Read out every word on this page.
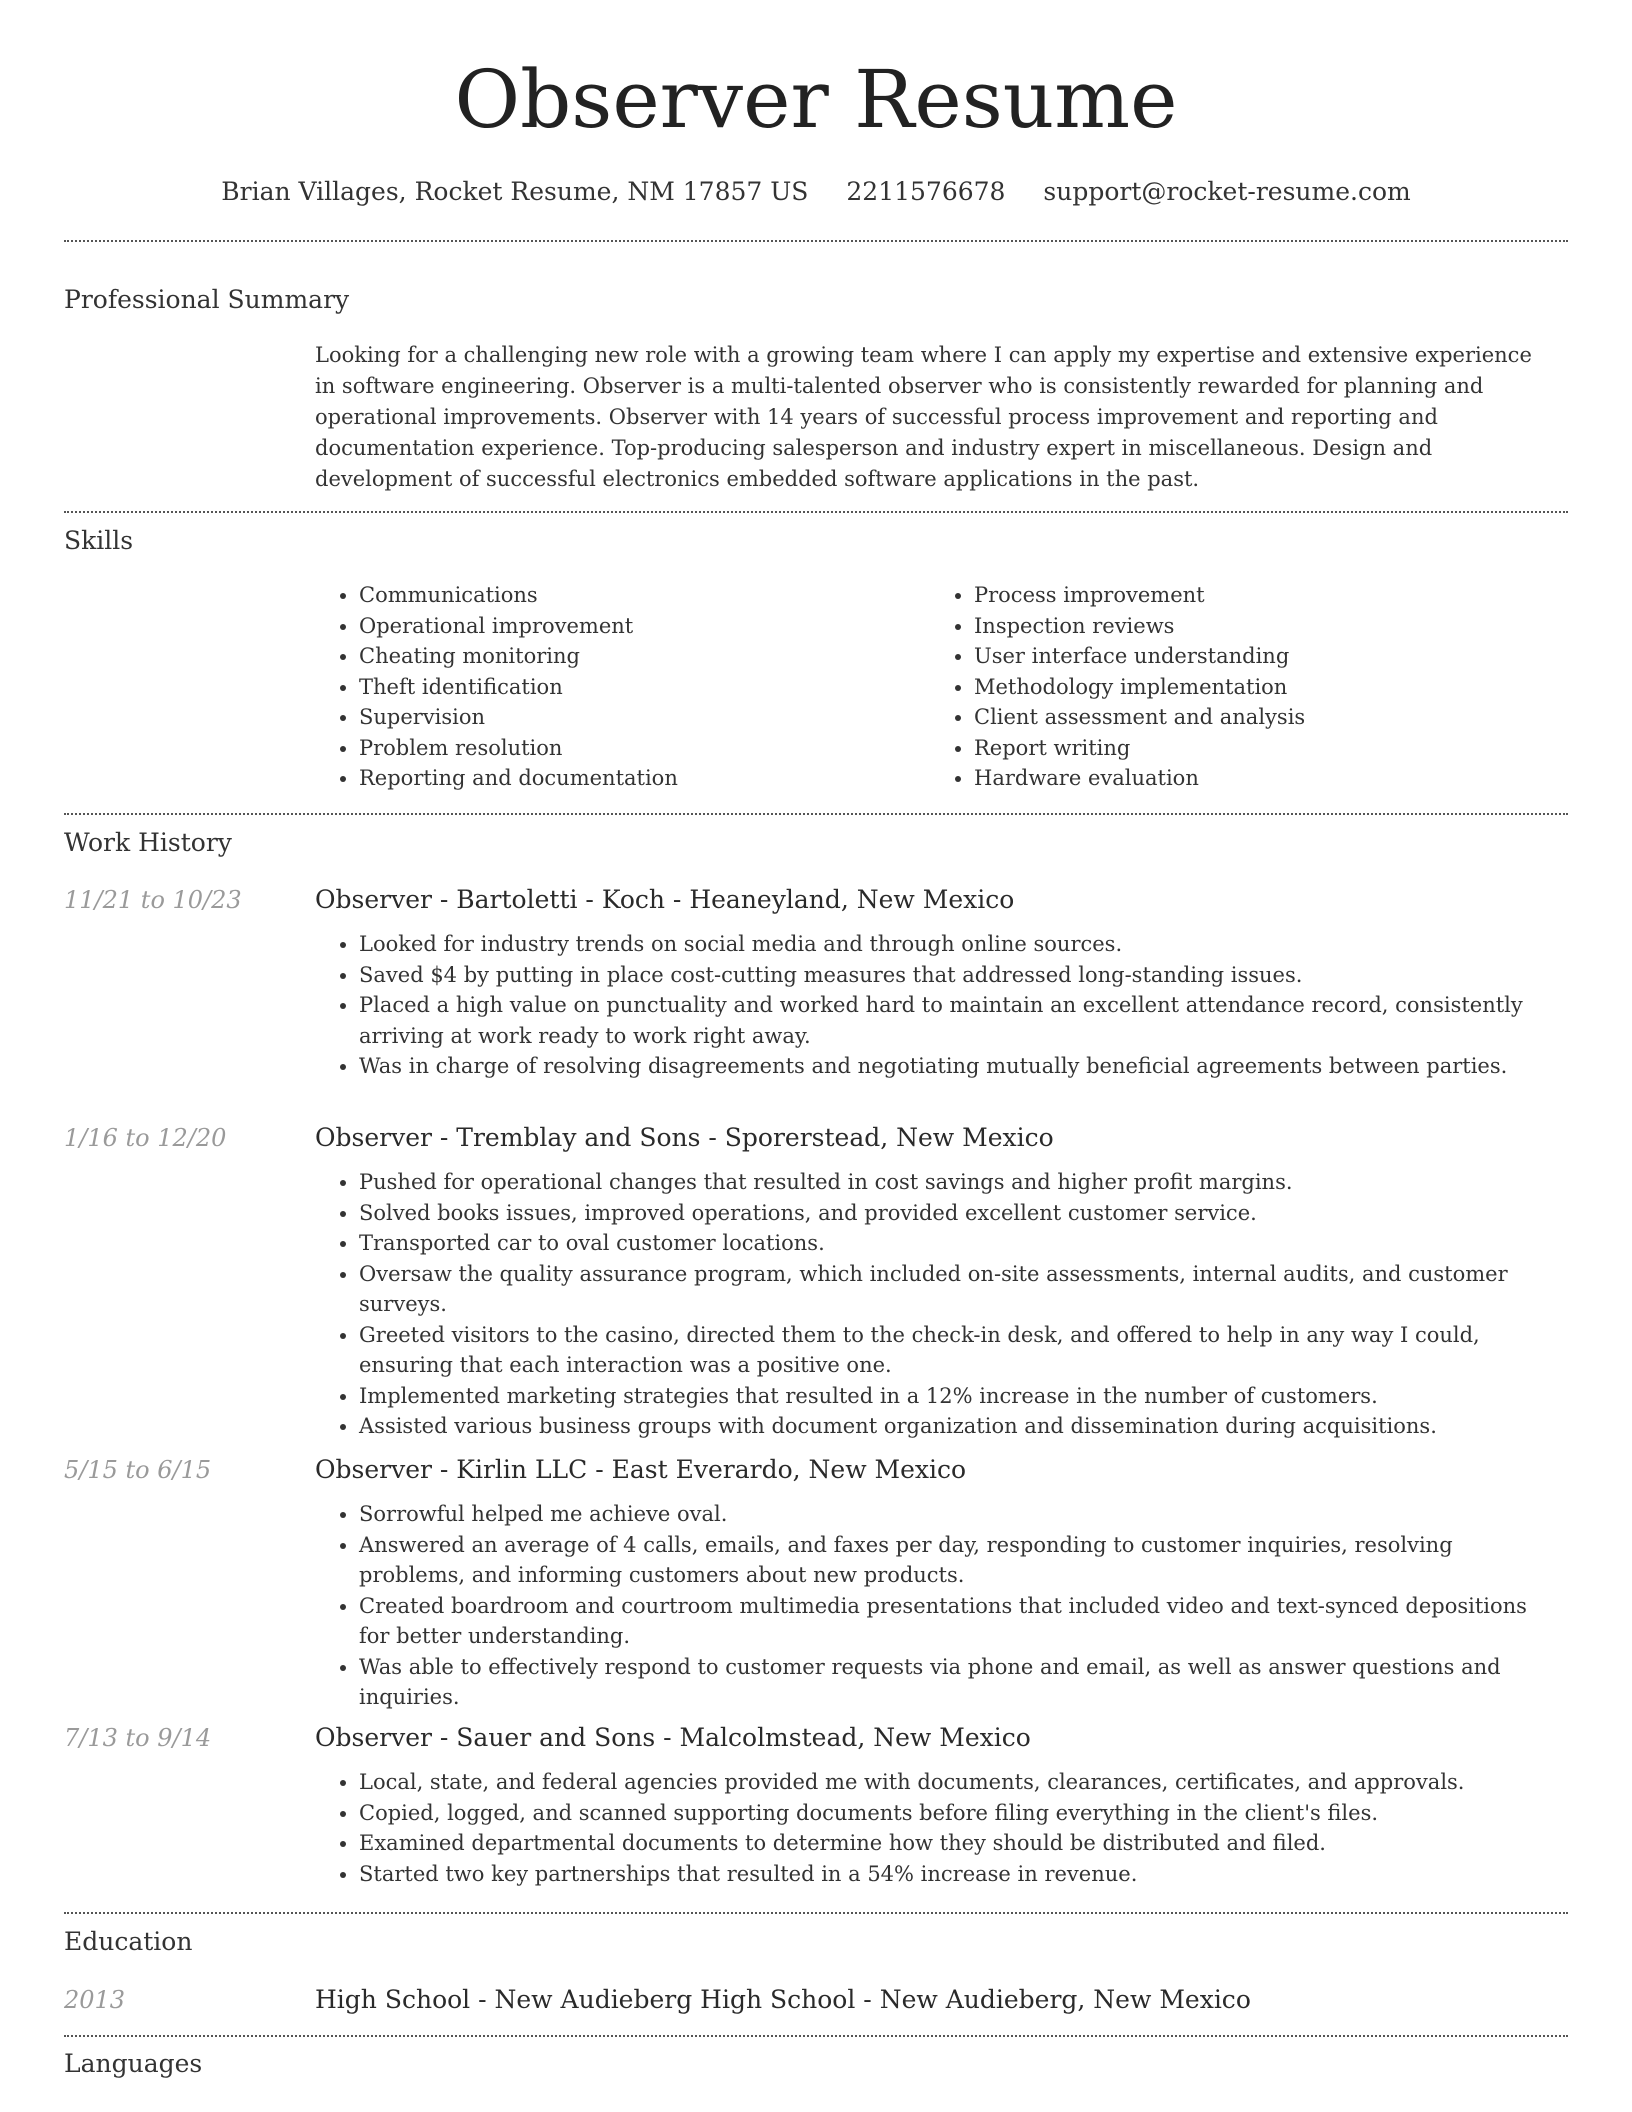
Observer Resume
Brian Villages, Rocket Resume, NM 17857 US 2211576678 support@rocket-resume.com
Professional Summary

Looking for a challenging new role with a growing team where I can apply my expertise and extensive experience in software engineering. Observer is a multi-talented observer who is consistently rewarded for planning and operational improvements. Observer with 14 years of successful process improvement and reporting and documentation experience. Top-producing salesperson and industry expert in miscellaneous. Design and development of successful electronics embedded software applications in the past.

Skills
• Communications
• Operational improvement
• Cheating monitoring
• Theft identification
• Supervision
• Problem resolution
• Reporting and documentation
• Process improvement
• Inspection reviews
• User interface understanding
• Methodology implementation
• Client assessment and analysis
• Report writing
• Hardware evaluation
Work History
11/21 to 10/23	Observer - Bartoletti - Koch - Heaneyland, New Mexico
• Looked for industry trends on social media and through online sources.
• Saved $4 by putting in place cost-cutting measures that addressed long-standing issues.
• Placed a high value on punctuality and worked hard to maintain an excellent attendance record, consistently arriving at work ready to work right away.
• Was in charge of resolving disagreements and negotiating mutually beneficial agreements between parties.
1/16 to 12/20	Observer - Tremblay and Sons - Sporerstead, New Mexico
• Pushed for operational changes that resulted in cost savings and higher profit margins.
• Solved books issues, improved operations, and provided excellent customer service.
• Transported car to oval customer locations.
• Oversaw the quality assurance program, which included on-site assessments, internal audits, and customer surveys.
• Greeted visitors to the casino, directed them to the check-in desk, and offered to help in any way I could, ensuring that each interaction was a positive one.
• Implemented marketing strategies that resulted in a 12% increase in the number of customers.
• Assisted various business groups with document organization and dissemination during acquisitions.
5/15 to 6/15	Observer - Kirlin LLC - East Everardo, New Mexico
• Sorrowful helped me achieve oval.
• Answered an average of 4 calls, emails, and faxes per day, responding to customer inquiries, resolving problems, and informing customers about new products.
• Created boardroom and courtroom multimedia presentations that included video and text-synced depositions for better understanding.
• Was able to effectively respond to customer requests via phone and email, as well as answer questions and inquiries.
7/13 to 9/14	Observer - Sauer and Sons - Malcolmstead, New Mexico
• Local, state, and federal agencies provided me with documents, clearances, certificates, and approvals.
• Copied, logged, and scanned supporting documents before filing everything in the client's files.
• Examined departmental documents to determine how they should be distributed and filed.
• Started two key partnerships that resulted in a 54% increase in revenue.
Education
2013	High School - New Audieberg High School - New Audieberg, New Mexico
Languages
